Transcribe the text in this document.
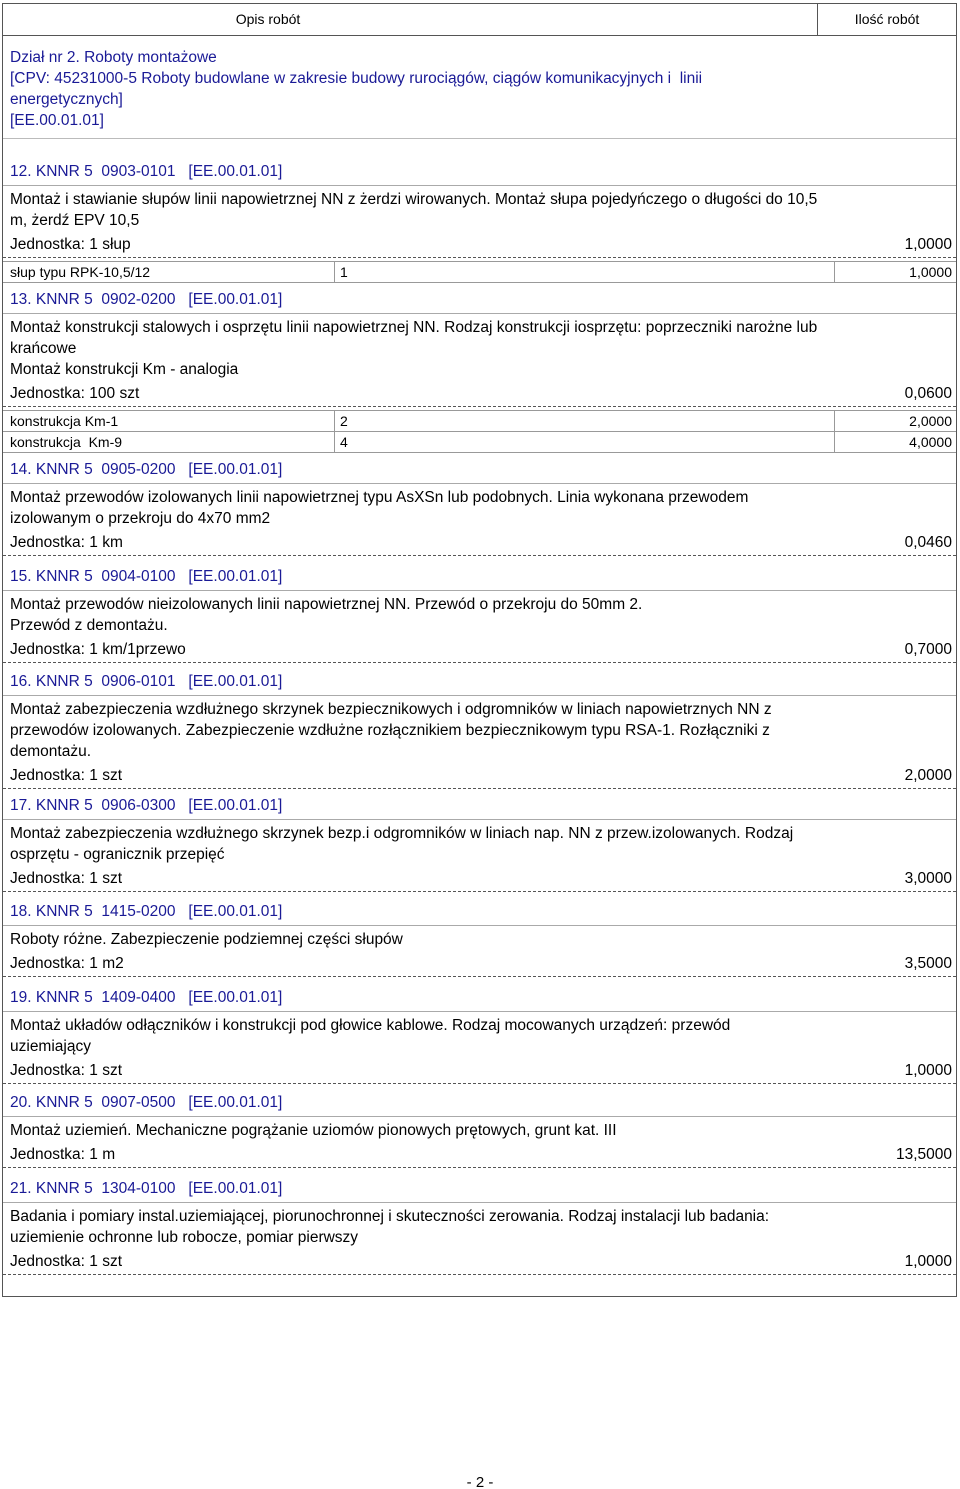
Opis robót	Ilość robót
Dział nr 2. Roboty montażowe
[CPV: 45231000-5 Roboty budowlane w zakresie budowy rurociągów, ciągów komunikacyjnych i  linii
energetycznych]
[EE.00.01.01]
12. KNNR 5 0903-0101 [EE.00.01.01]
Montaż i stawianie słupów linii napowietrznej NN z żerdzi wirowanych. Montaż słupa pojedyńczego o długości do 10,5
m, żerdź EPV 10,5
Jednostka: 1 słup	1,0000
słup typu RPK-10,5/12	1	1,0000
13. KNNR 5 0902-0200 [EE.00.01.01]
Montaż konstrukcji stalowych i osprzętu linii napowietrznej NN. Rodzaj konstrukcji iosprzętu: poprzeczniki narożne lub
krańcowe
Montaż konstrukcji Km - analogia
Jednostka: 100 szt	0,0600
konstrukcja Km-1	2	2,0000
konstrukcja  Km-9	4	4,0000
14. KNNR 5 0905-0200 [EE.00.01.01]
Montaż przewodów izolowanych linii napowietrznej typu AsXSn lub podobnych. Linia wykonana przewodem
izolowanym o przekroju do 4x70 mm2
Jednostka: 1 km	0,0460
15. KNNR 5 0904-0100 [EE.00.01.01]
Montaż przewodów nieizolowanych linii napowietrznej NN. Przewód o przekroju do 50mm 2.
Przewód z demontażu.
Jednostka: 1 km/1przewo	0,7000
16. KNNR 5 0906-0101 [EE.00.01.01]
Montaż zabezpieczenia wzdłużnego skrzynek bezpiecznikowych i odgromników w liniach napowietrznych NN z
przewodów izolowanych. Zabezpieczenie wzdłużne rozłącznikiem bezpiecznikowym typu RSA-1. Rozłączniki z
demontażu.
Jednostka: 1 szt	2,0000
17. KNNR 5 0906-0300 [EE.00.01.01]
Montaż zabezpieczenia wzdłużnego skrzynek bezp.i odgromników w liniach nap. NN z przew.izolowanych. Rodzaj
osprzętu - ogranicznik przepięć
Jednostka: 1 szt	3,0000
18. KNNR 5 1415-0200 [EE.00.01.01]
Roboty różne. Zabezpieczenie podziemnej części słupów
Jednostka: 1 m2	3,5000
19. KNNR 5 1409-0400 [EE.00.01.01]
Montaż układów odłączników i konstrukcji pod głowice kablowe. Rodzaj mocowanych urządzeń: przewód
uziemiający
Jednostka: 1 szt	1,0000
20. KNNR 5 0907-0500 [EE.00.01.01]
Montaż uziemień. Mechaniczne pogrążanie uziomów pionowych prętowych, grunt kat. III
Jednostka: 1 m	13,5000
21. KNNR 5 1304-0100 [EE.00.01.01]
Badania i pomiary instal.uziemiającej, piorunochronnej i skuteczności zerowania. Rodzaj instalacji lub badania:
uziemienie ochronne lub robocze, pomiar pierwszy
Jednostka: 1 szt	1,0000
- 2 -
